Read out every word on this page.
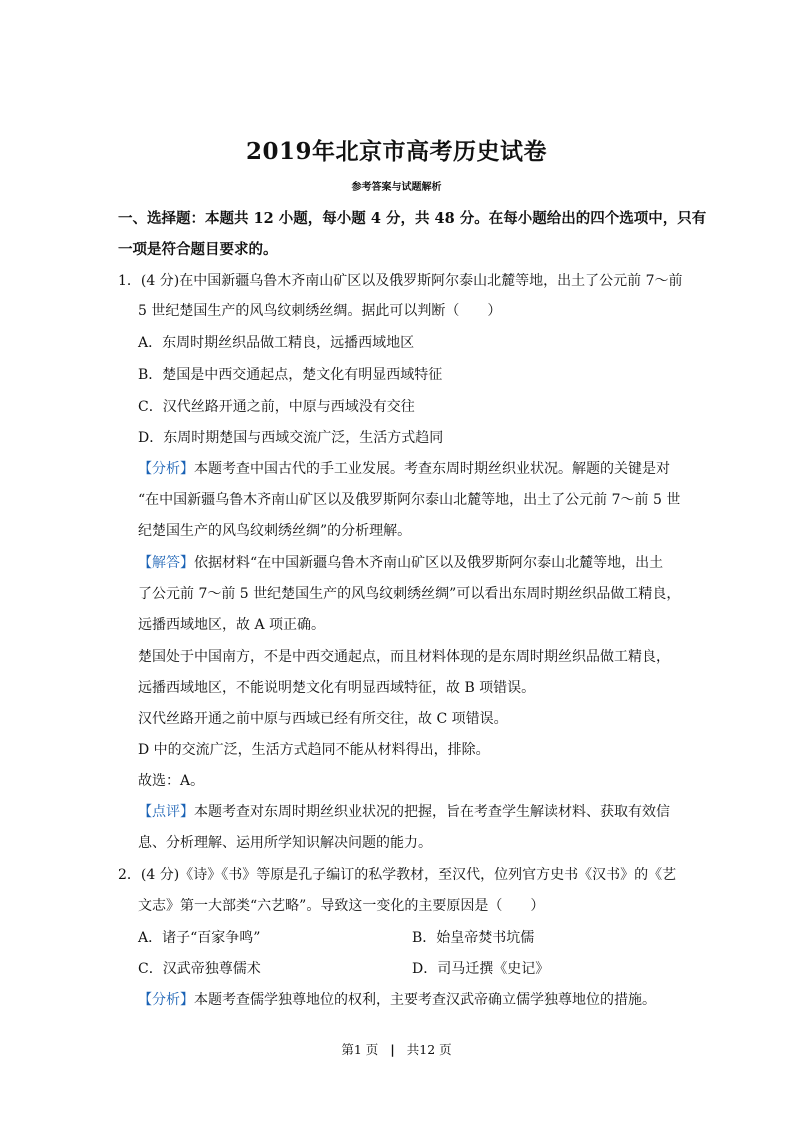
2019年北京市高考历史试卷
参考答案与试题解析
一、选择题：本题共 12 小题，每小题 4 分，共 48 分。在每小题给出的四个选项中，只有
一项是符合题目要求的。
1．(4 分)在中国新疆乌鲁木齐南山矿区以及俄罗斯阿尔泰山北麓等地，出土了公元前 7～前
5 世纪楚国生产的风鸟纹刺绣丝绸。据此可以判断（　　）
A．东周时期丝织品做工精良，远播西域地区
B．楚国是中西交通起点，楚文化有明显西域特征
C．汉代丝路开通之前，中原与西域没有交往
D．东周时期楚国与西域交流广泛，生活方式趋同
【分析】本题考查中国古代的手工业发展。考查东周时期丝织业状况。解题的关键是对
“在中国新疆乌鲁木齐南山矿区以及俄罗斯阿尔泰山北麓等地，出土了公元前 7～前 5 世
纪楚国生产的风鸟纹刺绣丝绸”的分析理解。
【解答】依据材料“在中国新疆乌鲁木齐南山矿区以及俄罗斯阿尔泰山北麓等地，出土
了公元前 7～前 5 世纪楚国生产的风鸟纹刺绣丝绸”可以看出东周时期丝织品做工精良，
远播西域地区，故 A 项正确。
楚国处于中国南方，不是中西交通起点，而且材料体现的是东周时期丝织品做工精良，
远播西域地区，不能说明楚文化有明显西域特征，故 B 项错误。
汉代丝路开通之前中原与西域已经有所交往，故 C 项错误。
D 中的交流广泛，生活方式趋同不能从材料得出，排除。
故选：A。
【点评】本题考查对东周时期丝织业状况的把握，旨在考查学生解读材料、获取有效信
息、分析理解、运用所学知识解决问题的能力。
2．(4 分)《诗》《书》等原是孔子编订的私学教材，至汉代，位列官方史书《汉书》的《艺
文志》第一大部类“六艺略”。导致这一变化的主要原因是（　　）
A．诸子“百家争鸣”	B．始皇帝焚书坑儒
C．汉武帝独尊儒术	D．司马迁撰《史记》
【分析】本题考查儒学独尊地位的权利，主要考查汉武帝确立儒学独尊地位的措施。
第1 页 | 共12 页
